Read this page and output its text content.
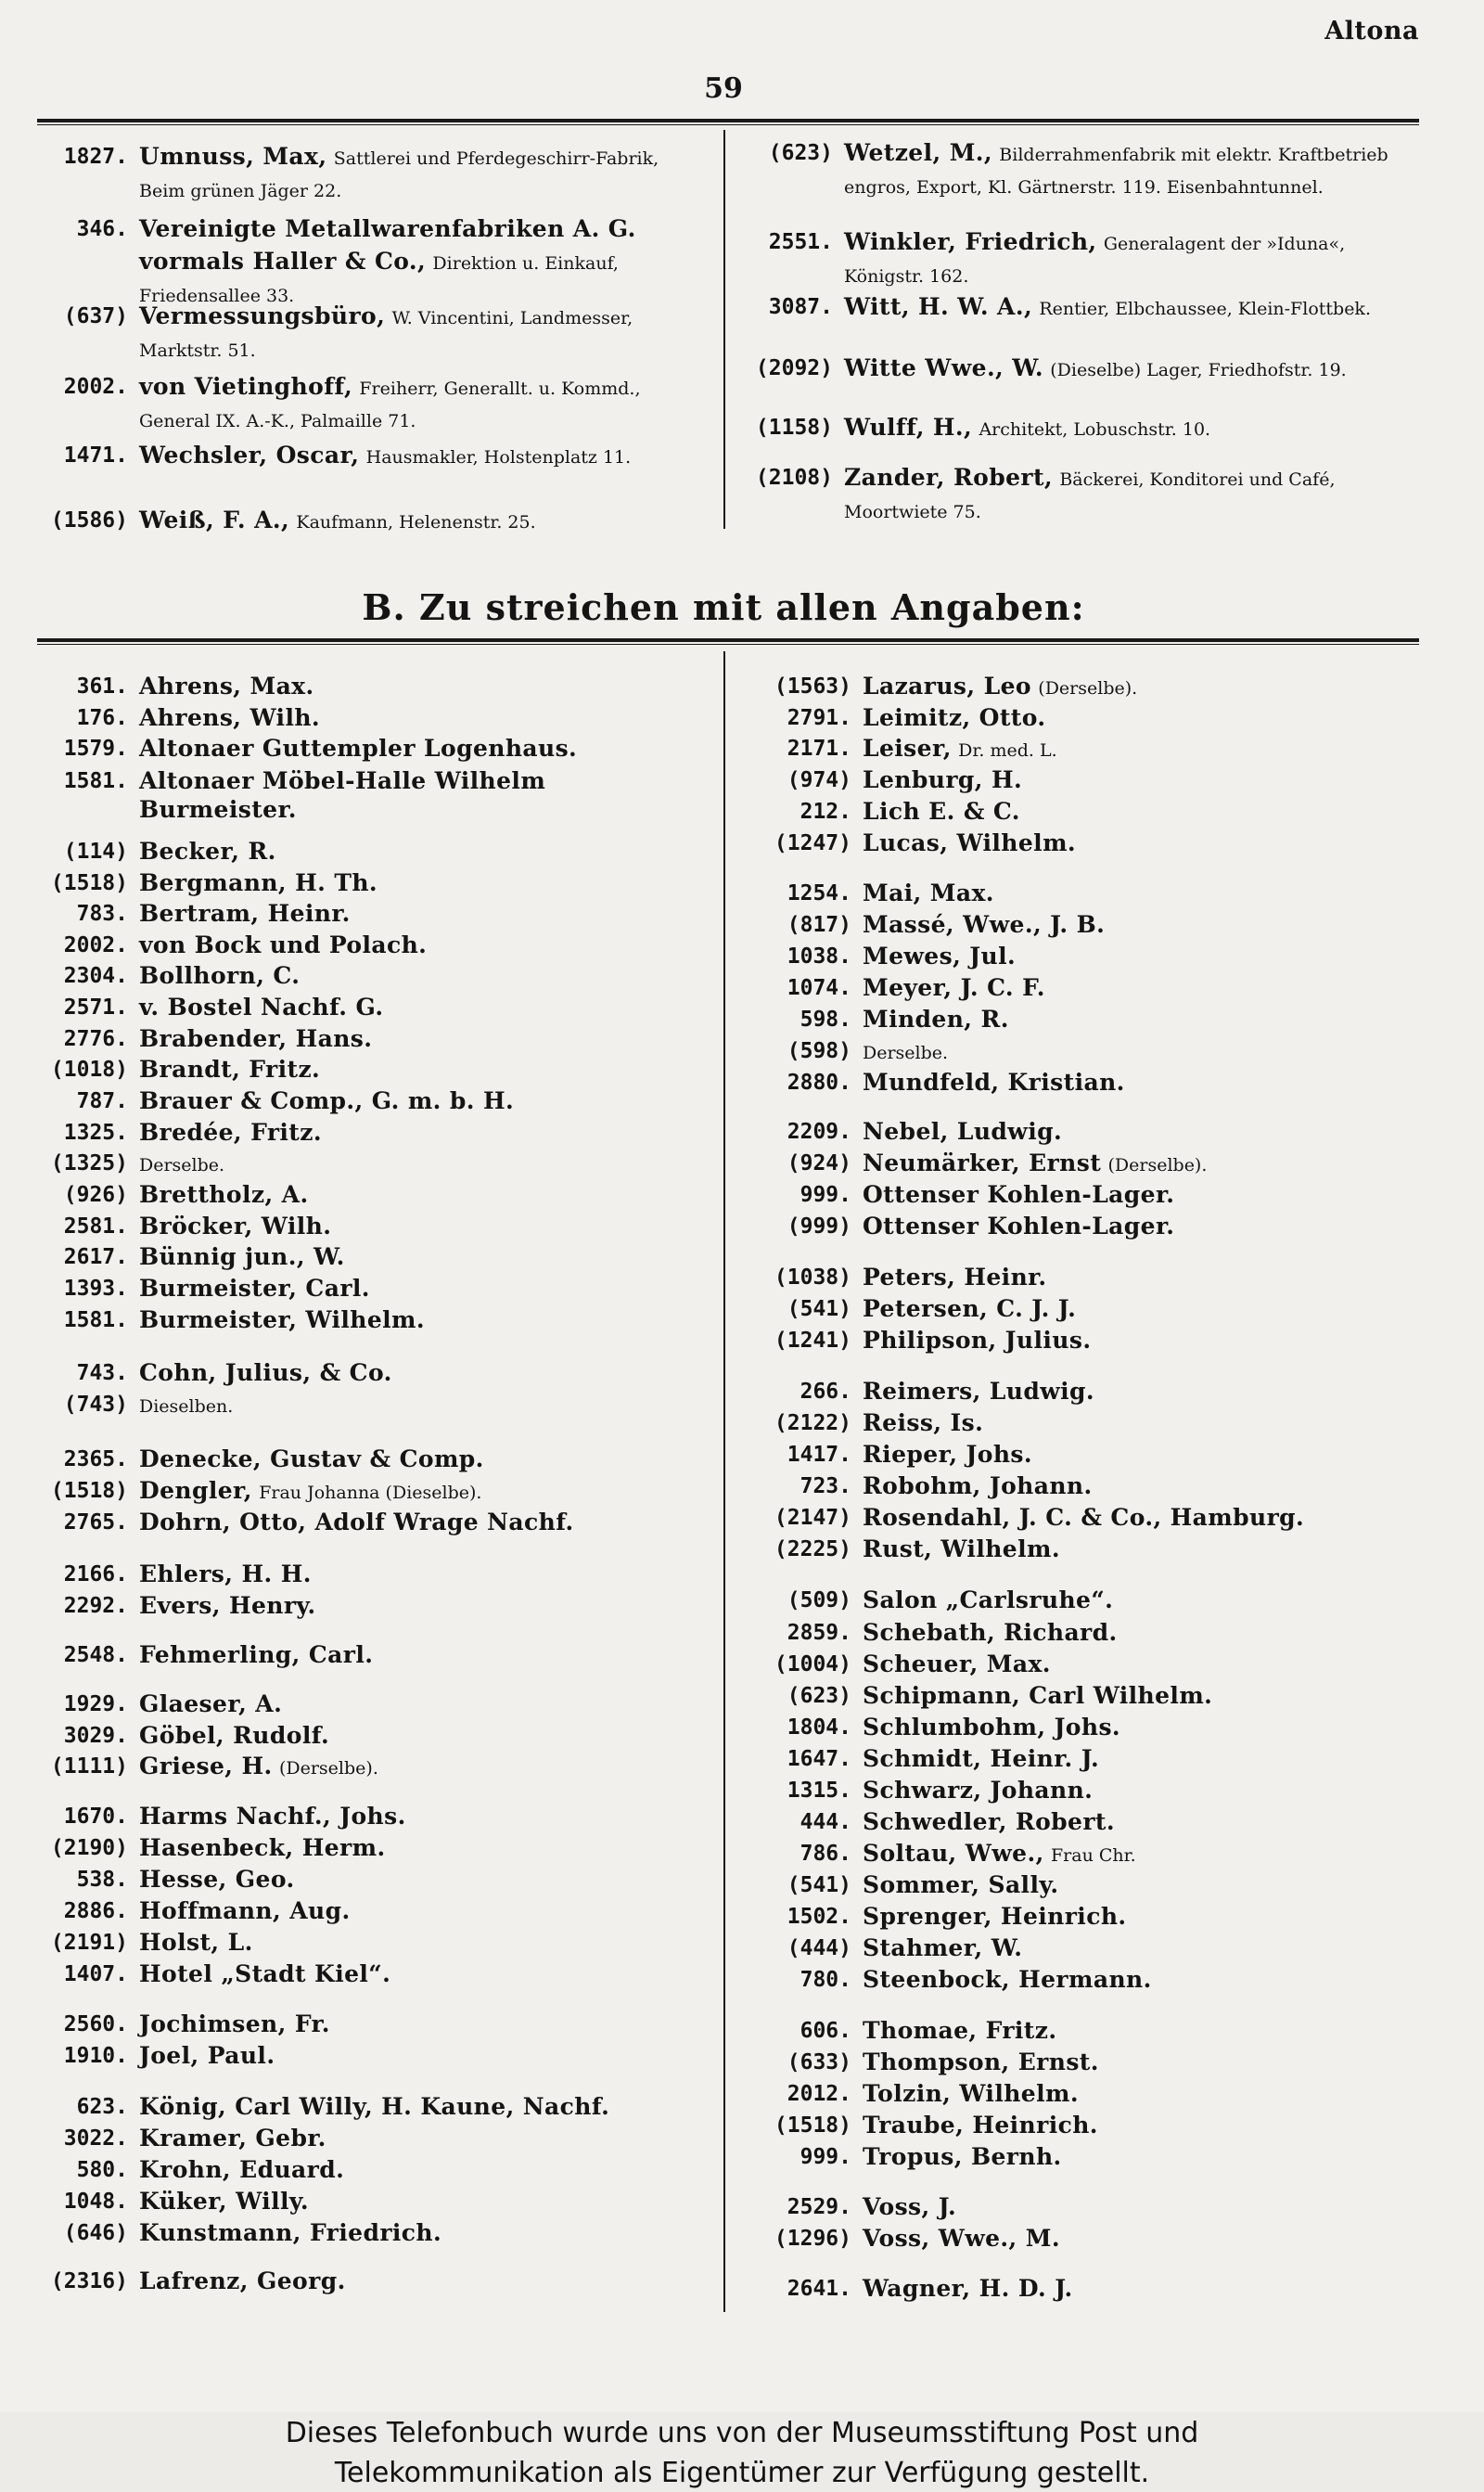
Altona
59
1827. Umnuss, Max, Sattlerei und Pferdegeschirr-Fabrik, Beim grünen Jäger 22.
346. Vereinigte Metallwarenfabriken A. G. vormals Haller & Co., Direktion u. Einkauf, Friedensallee 33.
(637) Vermessungsbüro, W. Vincentini, Landmesser, Marktstr. 51.
2002. von Vietinghoff, Freiherr, Generallt. u. Kommd., General IX. A.-K., Palmaille 71.
1471. Wechsler, Oscar, Hausmakler, Holstenplatz 11.
(1586) Weiß, F. A., Kaufmann, Helenenstr. 25.
(623) Wetzel, M., Bilderrahmenfabrik mit elektr. Kraftbetrieb engros, Export, Kl. Gärtnerstr. 119. Eisenbahntunnel.
2551. Winkler, Friedrich, Generalagent der »Iduna«, Königstr. 162.
3087. Witt, H. W. A., Rentier, Elbchaussee, Klein-Flottbek.
(2092) Witte Wwe., W. (Dieselbe) Lager, Friedhofstr. 19.
(1158) Wulff, H., Architekt, Lobuschstr. 10.
(2108) Zander, Robert, Bäckerei, Konditorei und Café, Moortwiete 75.
B. Zu streichen mit allen Angaben:
361. Ahrens, Max.
176. Ahrens, Wilh.
1579. Altonaer Guttempler Logenhaus.
1581. Altonaer Möbel-Halle Wilhelm Burmeister.
(114) Becker, R.
(1518) Bergmann, H. Th.
783. Bertram, Heinr.
2002. von Bock und Polach.
2304. Bollhorn, C.
2571. v. Bostel Nachf. G.
2776. Brabender, Hans.
(1018) Brandt, Fritz.
787. Brauer & Comp., G. m. b. H.
1325. Bredée, Fritz.
(1325) Derselbe.
(926) Brettholz, A.
2581. Bröcker, Wilh.
2617. Bünnig jun., W.
1393. Burmeister, Carl.
1581. Burmeister, Wilhelm.
743. Cohn, Julius, & Co.
(743) Dieselben.
2365. Denecke, Gustav & Comp.
(1518) Dengler, Frau Johanna (Dieselbe).
2765. Dohrn, Otto, Adolf Wrage Nachf.
2166. Ehlers, H. H.
2292. Evers, Henry.
2548. Fehmerling, Carl.
1929. Glaeser, A.
3029. Göbel, Rudolf.
(1111) Griese, H. (Derselbe).
1670. Harms Nachf., Johs.
(2190) Hasenbeck, Herm.
538. Hesse, Geo.
2886. Hoffmann, Aug.
(2191) Holst, L.
1407. Hotel „Stadt Kiel“.
2560. Jochimsen, Fr.
1910. Joel, Paul.
623. König, Carl Willy, H. Kaune, Nachf.
3022. Kramer, Gebr.
580. Krohn, Eduard.
1048. Küker, Willy.
(646) Kunstmann, Friedrich.
(2316) Lafrenz, Georg.
(1563) Lazarus, Leo (Derselbe).
2791. Leimitz, Otto.
2171. Leiser, Dr. med. L.
(974) Lenburg, H.
212. Lich E. & C.
(1247) Lucas, Wilhelm.
1254. Mai, Max.
(817) Massé, Wwe., J. B.
1038. Mewes, Jul.
1074. Meyer, J. C. F.
598. Minden, R.
(598) Derselbe.
2880. Mundfeld, Kristian.
2209. Nebel, Ludwig.
(924) Neumärker, Ernst (Derselbe).
999. Ottenser Kohlen-Lager.
(999) Ottenser Kohlen-Lager.
(1038) Peters, Heinr.
(541) Petersen, C. J. J.
(1241) Philipson, Julius.
266. Reimers, Ludwig.
(2122) Reiss, Is.
1417. Rieper, Johs.
723. Robohm, Johann.
(2147) Rosendahl, J. C. & Co., Hamburg.
(2225) Rust, Wilhelm.
(509) Salon „Carlsruhe“.
2859. Schebath, Richard.
(1004) Scheuer, Max.
(623) Schipmann, Carl Wilhelm.
1804. Schlumbohm, Johs.
1647. Schmidt, Heinr. J.
1315. Schwarz, Johann.
444. Schwedler, Robert.
786. Soltau, Wwe., Frau Chr.
(541) Sommer, Sally.
1502. Sprenger, Heinrich.
(444) Stahmer, W.
780. Steenbock, Hermann.
606. Thomae, Fritz.
(633) Thompson, Ernst.
2012. Tolzin, Wilhelm.
(1518) Traube, Heinrich.
999. Tropus, Bernh.
2529. Voss, J.
(1296) Voss, Wwe., M.
2641. Wagner, H. D. J.
Dieses Telefonbuch wurde uns von der Museumsstiftung Post und
Telekommunikation als Eigentümer zur Verfügung gestellt.
